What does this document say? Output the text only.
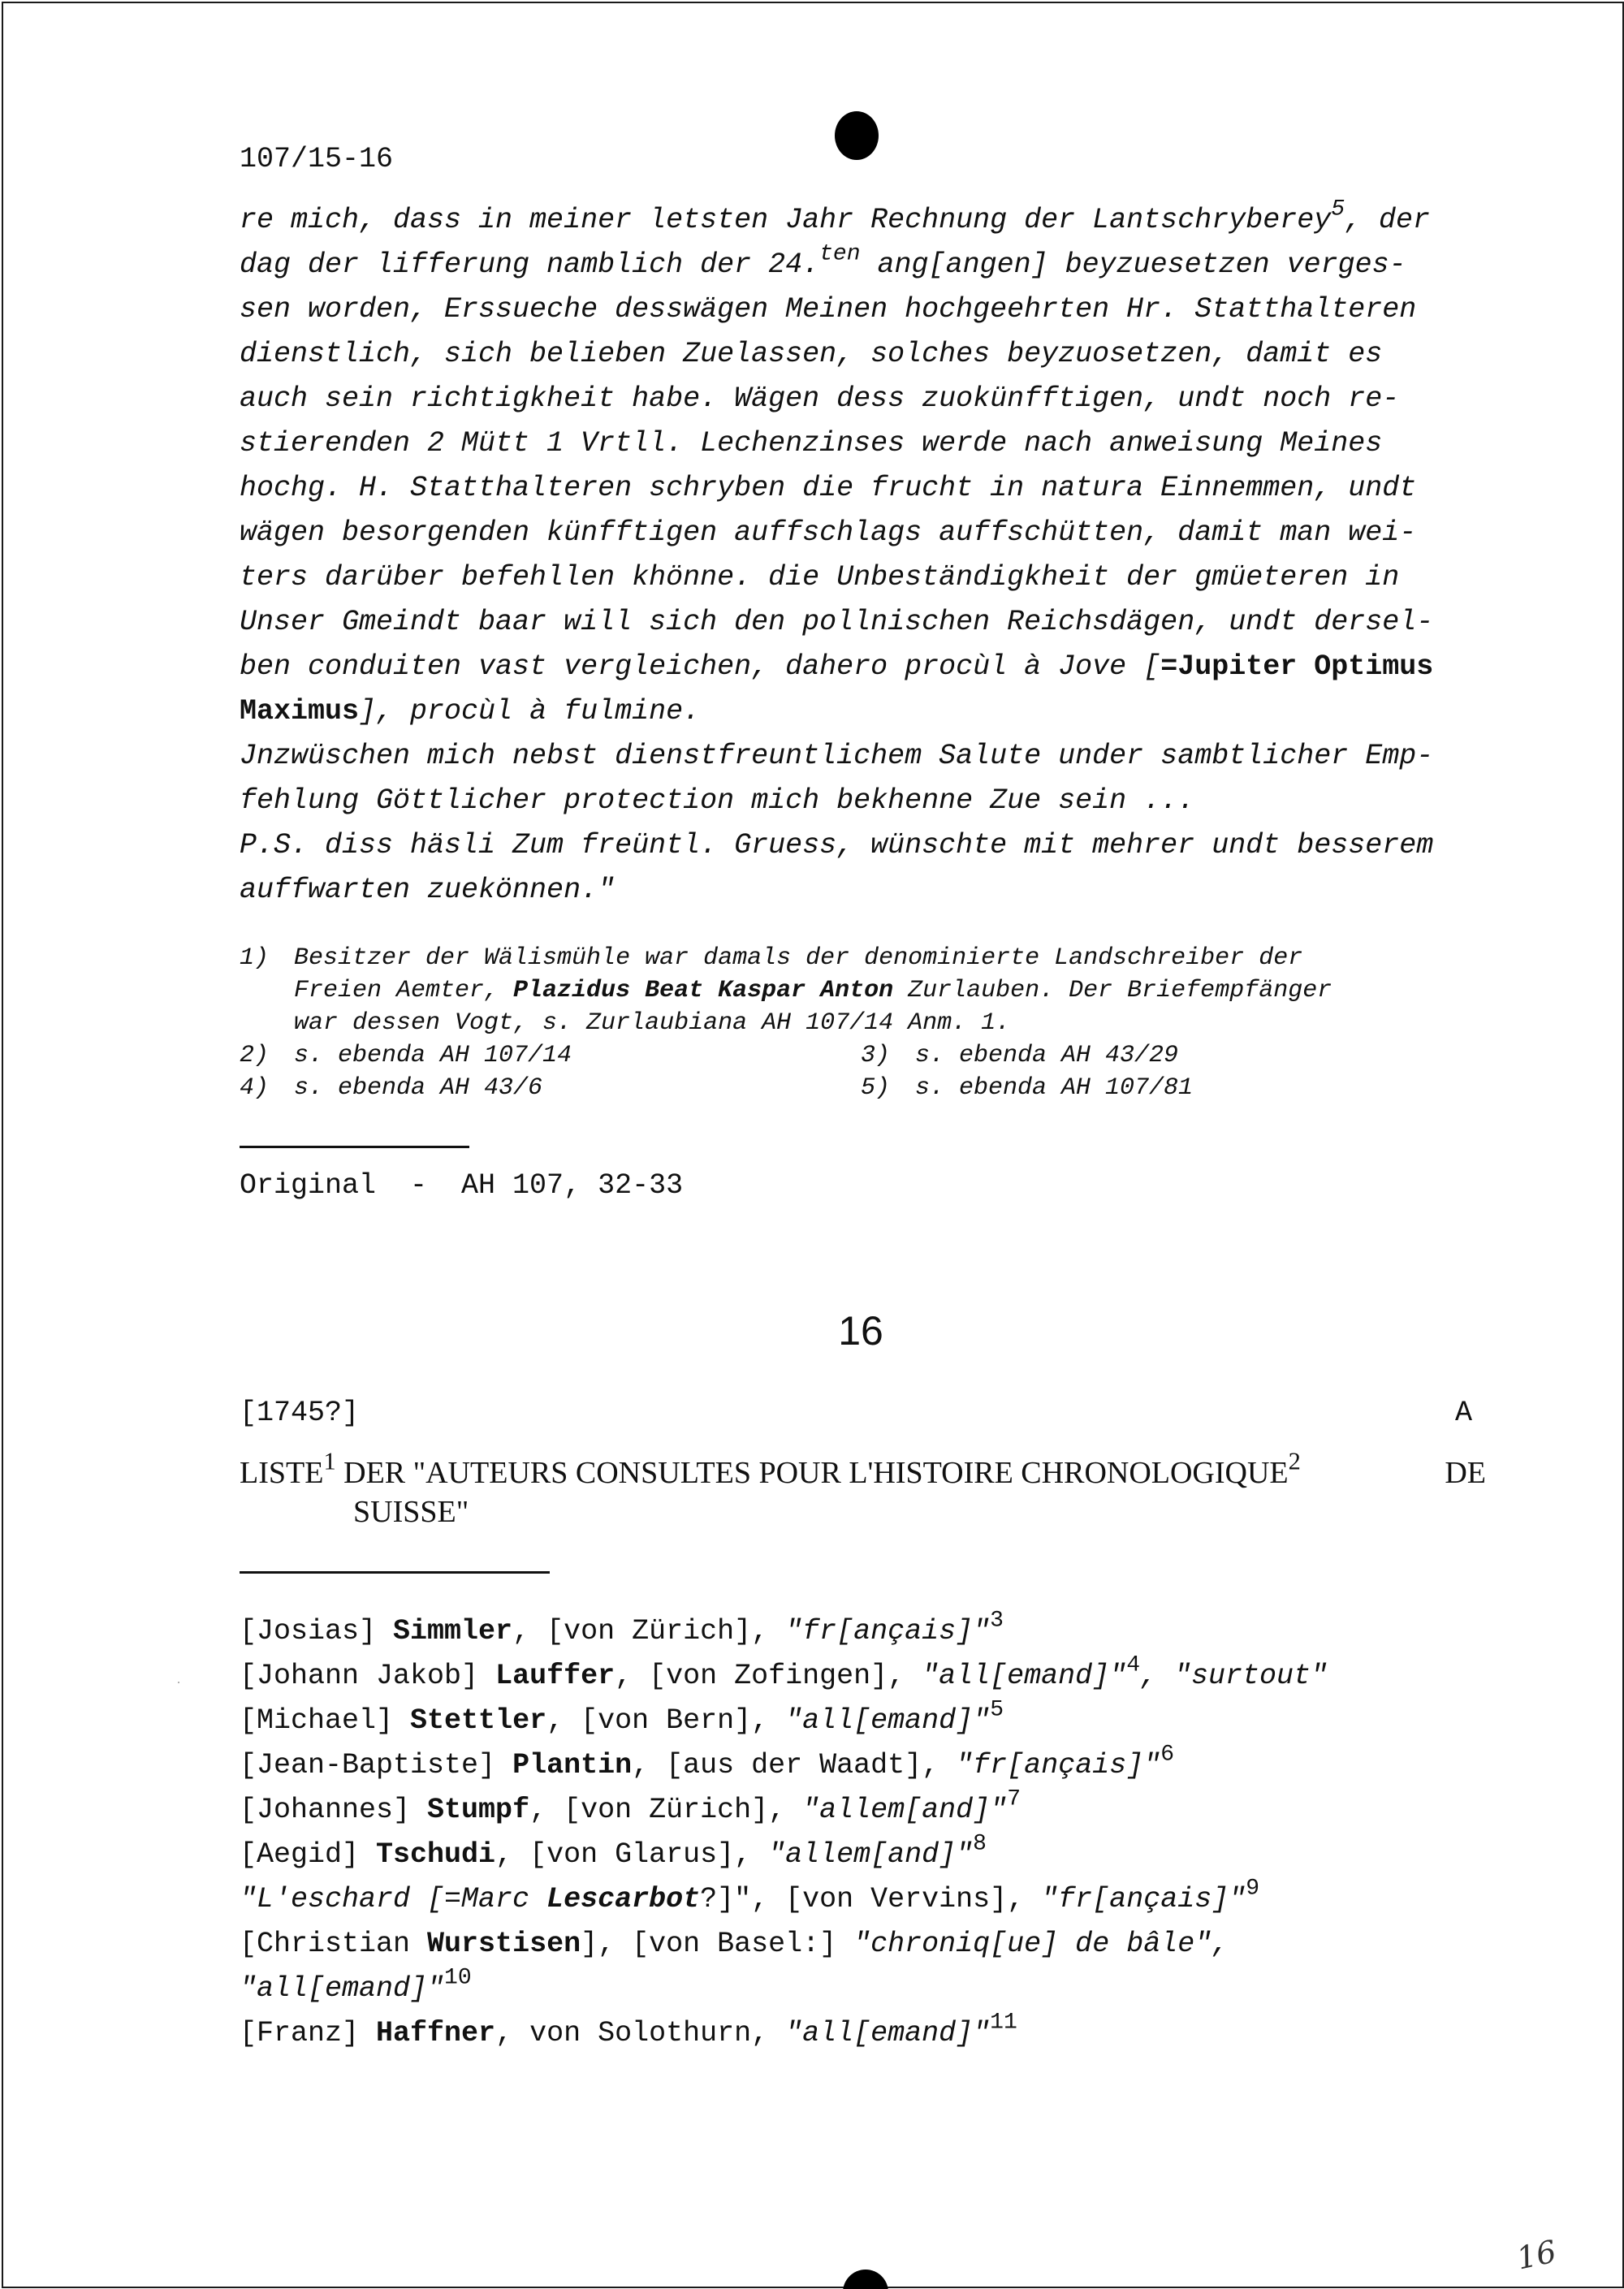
107/15-16

re mich, dass in meiner letsten Jahr Rechnung der Lantschryberey$^5$, der

dag der lifferung namblich der 24.$^{ten}$ ang[angen] beyzuesetzen verges-

sen worden, Erssueche desswägen Meinen hochgeehrten Hr. Statthalteren

dienstlich, sich belieben Zuelassen, solches beyzuosetzen, damit es

auch sein richtigkheit habe. Wägen dess zuokünfftigen, undt noch re-

stierenden 2 Mütt 1 Vrtll. Lechenzinses werde nach anweisung Meines

hochg. H. Statthalteren schryben die frucht in natura Einnemmen, undt

wägen besorgenden künfftigen auffschlags auffschütten, damit man wei-

ters darüber befehllen khönne. die Unbeständigkheit der gmüeteren in

Unser Gmeindt baar will sich den pollnischen Reichsdägen, undt dersel-

ben conduiten vast vergleichen, dahero procùl à Jove [=Jupiter Optimus

Maximus], procùl à fulmine.

Jnzwüschen mich nebst dienstfreuntlichem Salute under sambtlicher Emp-

fehlung Göttlicher protection mich bekhenne Zue sein ...

P.S. diss häsli Zum freüntl. Gruess, wünschte mit mehrer undt besserem

auffwarten zuekönnen."

1) Besitzer der Wälismühle war damals der denominierte Landschreiber der
Freien Aemter, Plazidus Beat Kaspar Anton Zurlauben. Der Briefempfänger
war dessen Vogt, s. Zurlaubiana AH 107/14 Anm. 1.
2) s. ebenda AH 107/14	3) s. ebenda AH 43/29
4) s. ebenda AH 43/6	5) s. ebenda AH 107/81
Original  -  AH 107, 32-33
16
[1745?]	A
LISTE$^1$ DER "AUTEURS CONSULTES POUR L'HISTOIRE CHRONOLOGIQUE$^2$	DE
SUISSE"
[Josias] Simmler, [von Zürich], "fr[ançais]"$^3$
[Johann Jakob] Lauffer, [von Zofingen], "all[emand]"$^4$, "surtout"
[Michael] Stettler, [von Bern], "all[emand]"$^5$
[Jean-Baptiste] Plantin, [aus der Waadt], "fr[ançais]"$^6$
[Johannes] Stumpf, [von Zürich], "allem[and]"$^7$
[Aegid] Tschudi, [von Glarus], "allem[and]"$^8$
"L'eschard [=Marc Lescarbot?]", [von Vervins], "fr[ançais]"$^9$
[Christian Wurstisen], [von Basel:] "chroniq[ue] de bâle",
"all[emand]"$^{10}$
[Franz] Haffner, von Solothurn, "all[emand]"$^{11}$
16
